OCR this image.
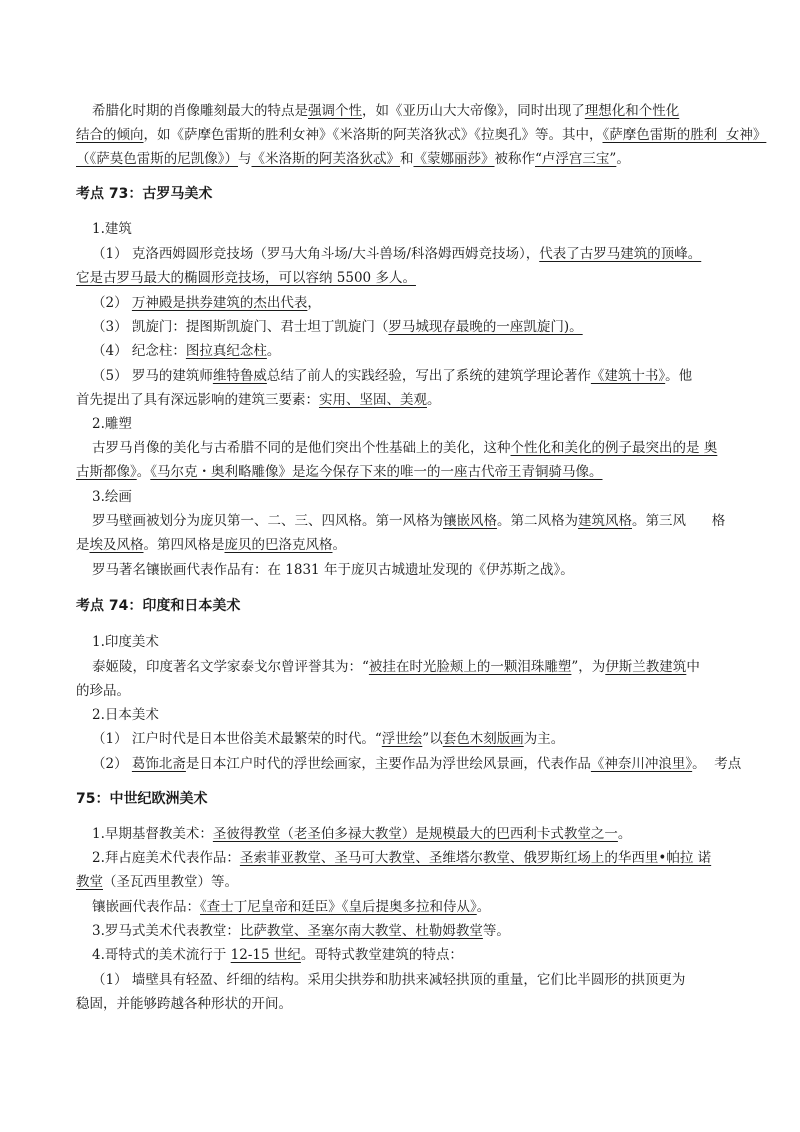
希腊化时期的肖像雕刻最大的特点是强调个性，如《亚历山大大帝像》，同时出现了理想化和个性化
结合的倾向，如《萨摩色雷斯的胜利女神》《米洛斯的阿芙洛狄忒》《拉奥孔》等。其中，《萨摩色雷斯的胜利  女神》
（《萨莫色雷斯的尼凯像》）与《米洛斯的阿芙洛狄忒》和《蒙娜丽莎》被称作“卢浮宫三宝”。
考点 73：古罗马美术
1.建筑
（1） 克洛西姆圆形竞技场（罗马大角斗场/大斗兽场/科洛姆西姆竞技场），代表了古罗马建筑的顶峰。
它是古罗马最大的椭圆形竞技场，可以容纳 5500 多人。
（2） 万神殿是拱券建筑的杰出代表，
（3） 凯旋门：提图斯凯旋门、君士坦丁凯旋门（罗马城现存最晚的一座凯旋门)。
（4） 纪念柱：图拉真纪念柱。
（5） 罗马的建筑师维特鲁威总结了前人的实践经验，写出了系统的建筑学理论著作《建筑十书》。他
首先提出了具有深远影响的建筑三要素：实用、坚固、美观。
2.雕塑
古罗马肖像的美化与古希腊不同的是他们突出个性基础上的美化，这种个性化和美化的例子最突出的是 奥
古斯都像》。《马尔克・奥利略雕像》是迄今保存下来的唯一的一座古代帝王青铜骑马像。
3.绘画
罗马壁画被划分为庞贝第一、二、三、四风格。第一风格为镶嵌风格。第二风格为建筑风格。第三风      格
是埃及风格。第四风格是庞贝的巴洛克风格。
罗马著名镶嵌画代表作品有：在 1831 年于庞贝古城遗址发现的《伊苏斯之战》。
考点 74：印度和日本美术
1.印度美术
泰姬陵，印度著名文学家泰戈尔曾评誉其为：“被挂在时光脸颊上的一颗泪珠雕塑”，为伊斯兰教建筑中
的珍品。
2.日本美术
（1） 江户时代是日本世俗美术最繁荣的时代。“浮世绘”以套色木刻版画为主。
（2） 葛饰北斋是日本江户时代的浮世绘画家，主要作品为浮世绘风景画，代表作品《神奈川冲浪里》。  考点
75：中世纪欧洲美术
1.早期基督教美术：圣彼得教堂（老圣伯多禄大教堂）是规模最大的巴西利卡式教堂之一。
2.拜占庭美术代表作品：圣索菲亚教堂、圣马可大教堂、圣维塔尔教堂、俄罗斯红场上的华西里•帕拉 诺
教堂（圣瓦西里教堂）等。
镶嵌画代表作品：《查士丁尼皇帝和廷臣》《皇后提奥多拉和侍从》。
3.罗马式美术代表教堂：比萨教堂、圣塞尔南大教堂、杜勒姆教堂等。
4.哥特式的美术流行于 12-15 世纪。哥特式教堂建筑的特点：
（1） 墙壁具有轻盈、纤细的结构。采用尖拱券和肋拱来减轻拱顶的重量，它们比半圆形的拱顶更为
稳固，并能够跨越各种形状的开间。
